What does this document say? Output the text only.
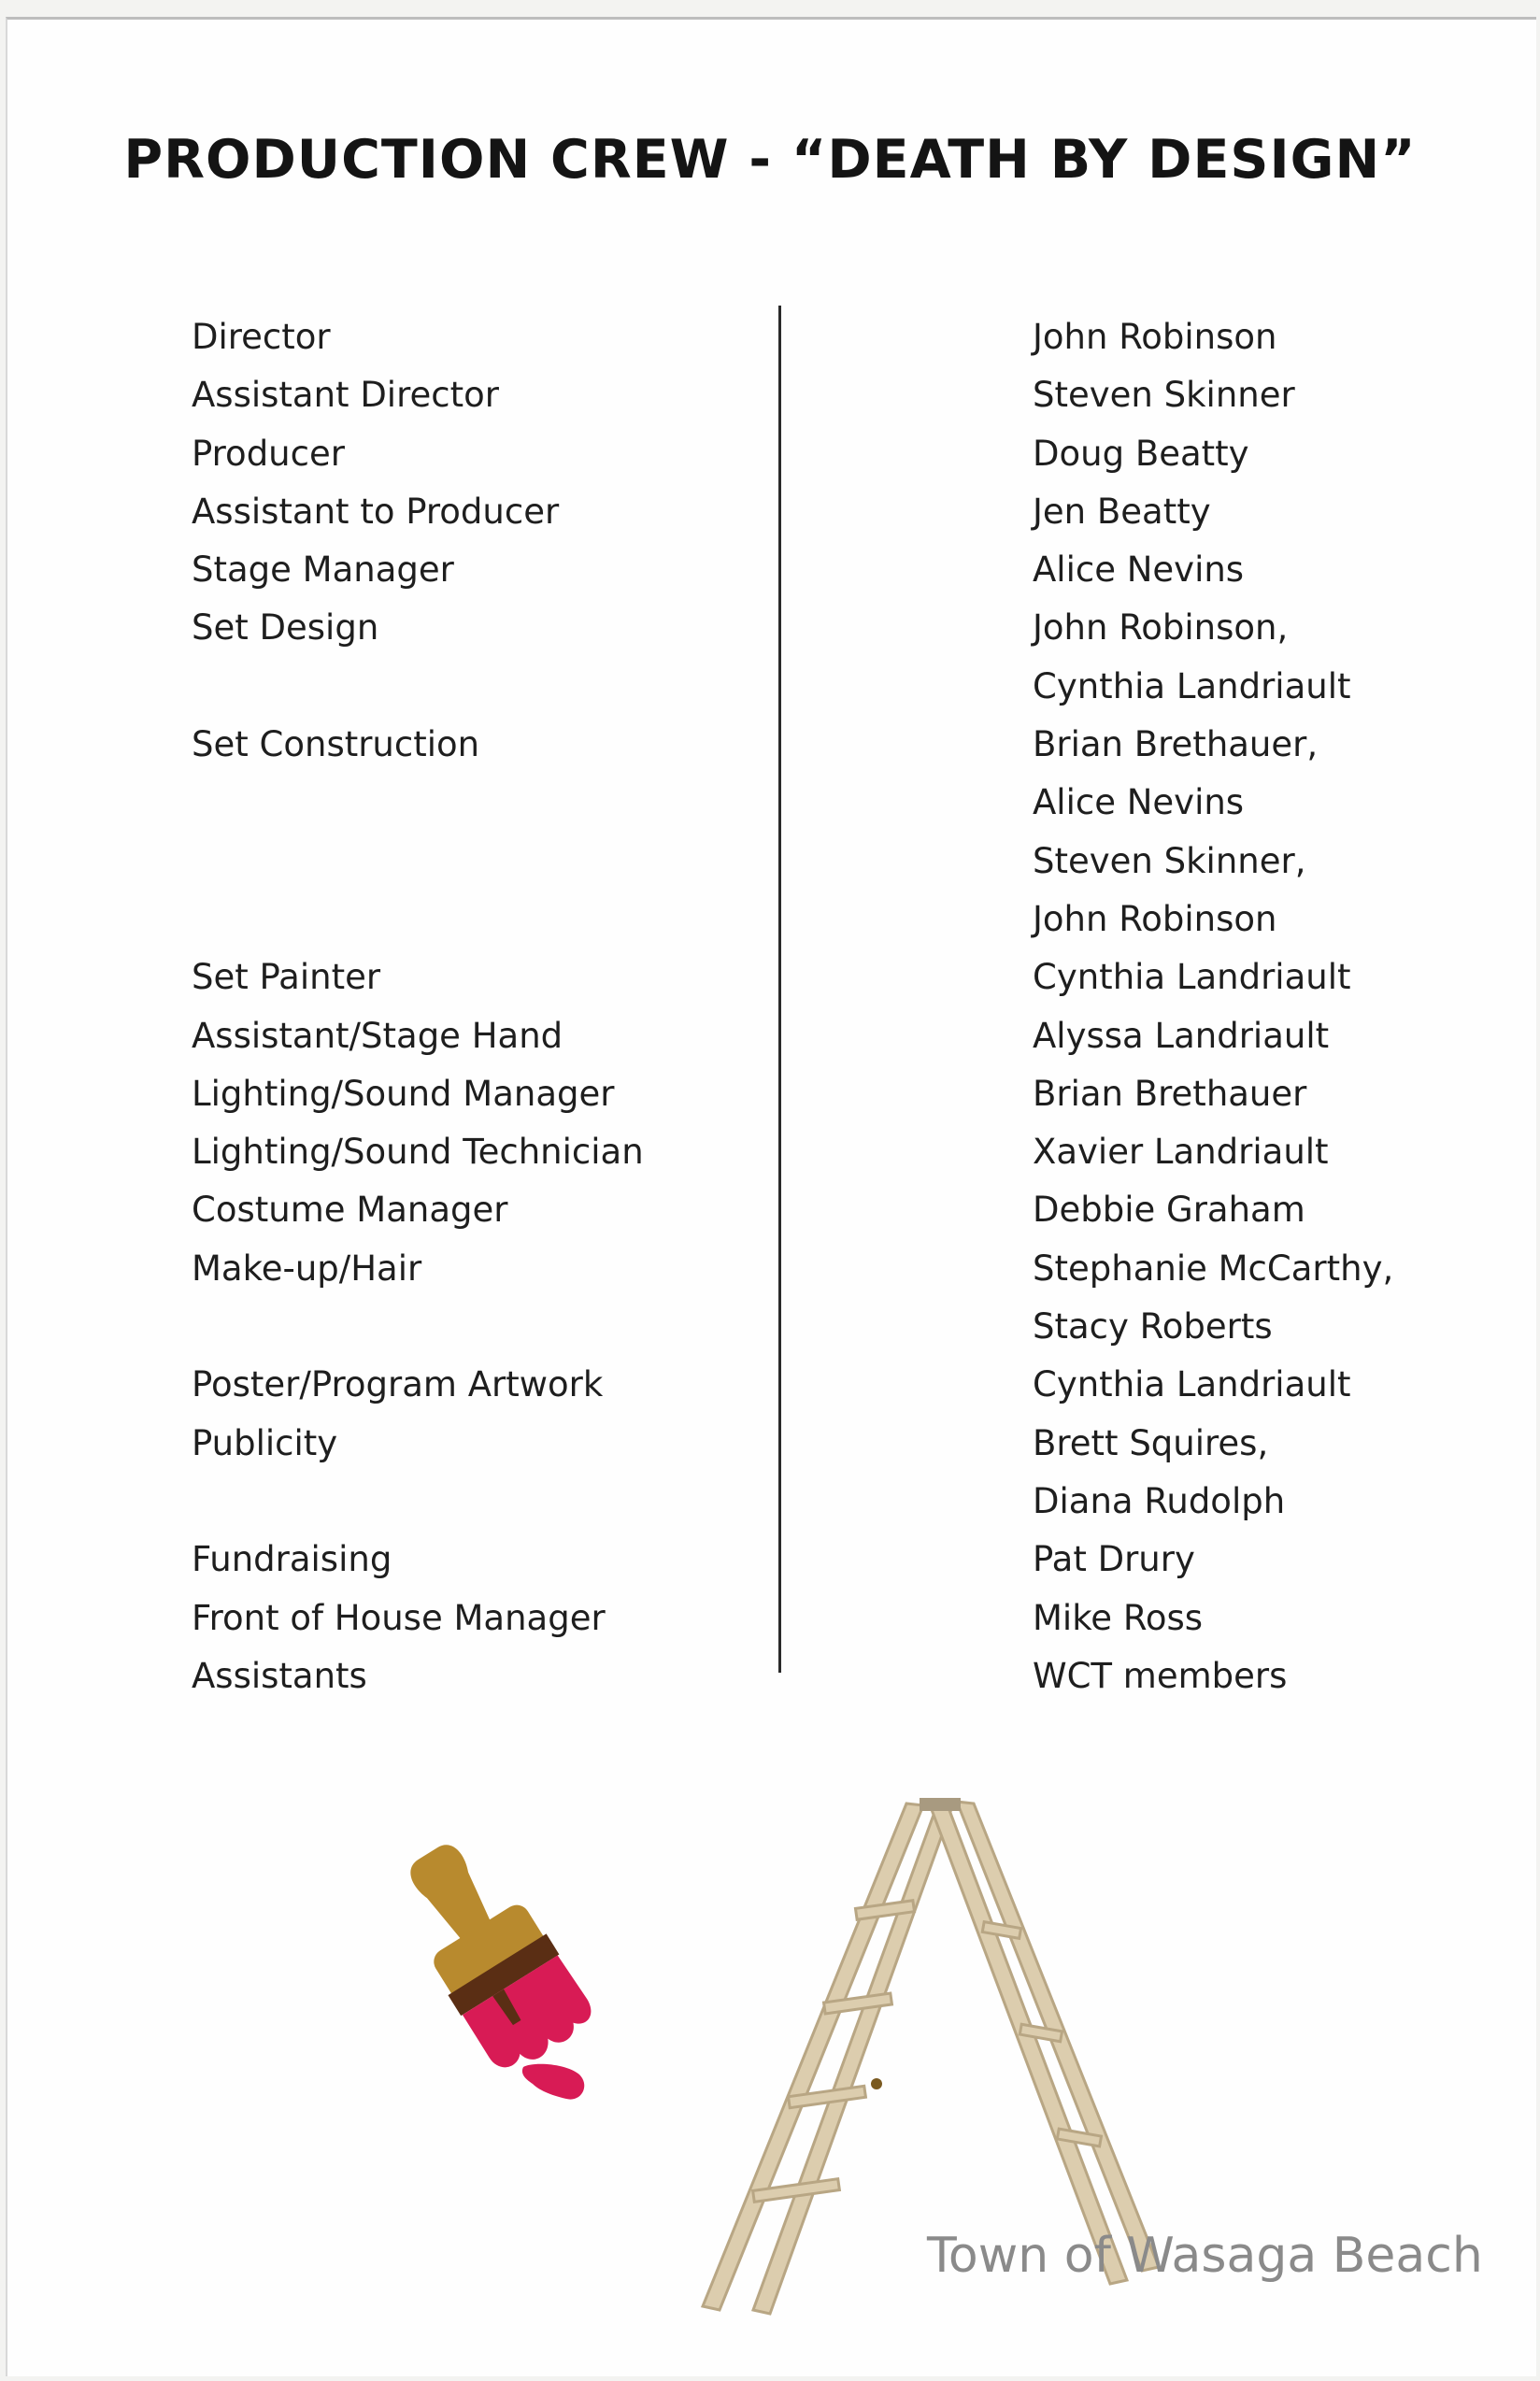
PRODUCTION CREW - “DEATH BY DESIGN”
Director
Assistant Director
Producer
Assistant to Producer
Stage Manager
Set Design
Set Construction
Set Painter
Assistant/Stage Hand
Lighting/Sound Manager
Lighting/Sound Technician
Costume Manager
Make-up/Hair
Poster/Program Artwork
Publicity
Fundraising
Front of House Manager
Assistants
John Robinson
Steven Skinner
Doug Beatty
Jen Beatty
Alice Nevins
John Robinson,
Cynthia Landriault
Brian Brethauer,
Alice Nevins
Steven Skinner,
John Robinson
Cynthia Landriault
Alyssa Landriault
Brian Brethauer
Xavier Landriault
Debbie Graham
Stephanie McCarthy,
Stacy Roberts
Cynthia Landriault
Brett Squires,
Diana Rudolph
Pat Drury
Mike Ross
WCT members
Town of Wasaga Beach
